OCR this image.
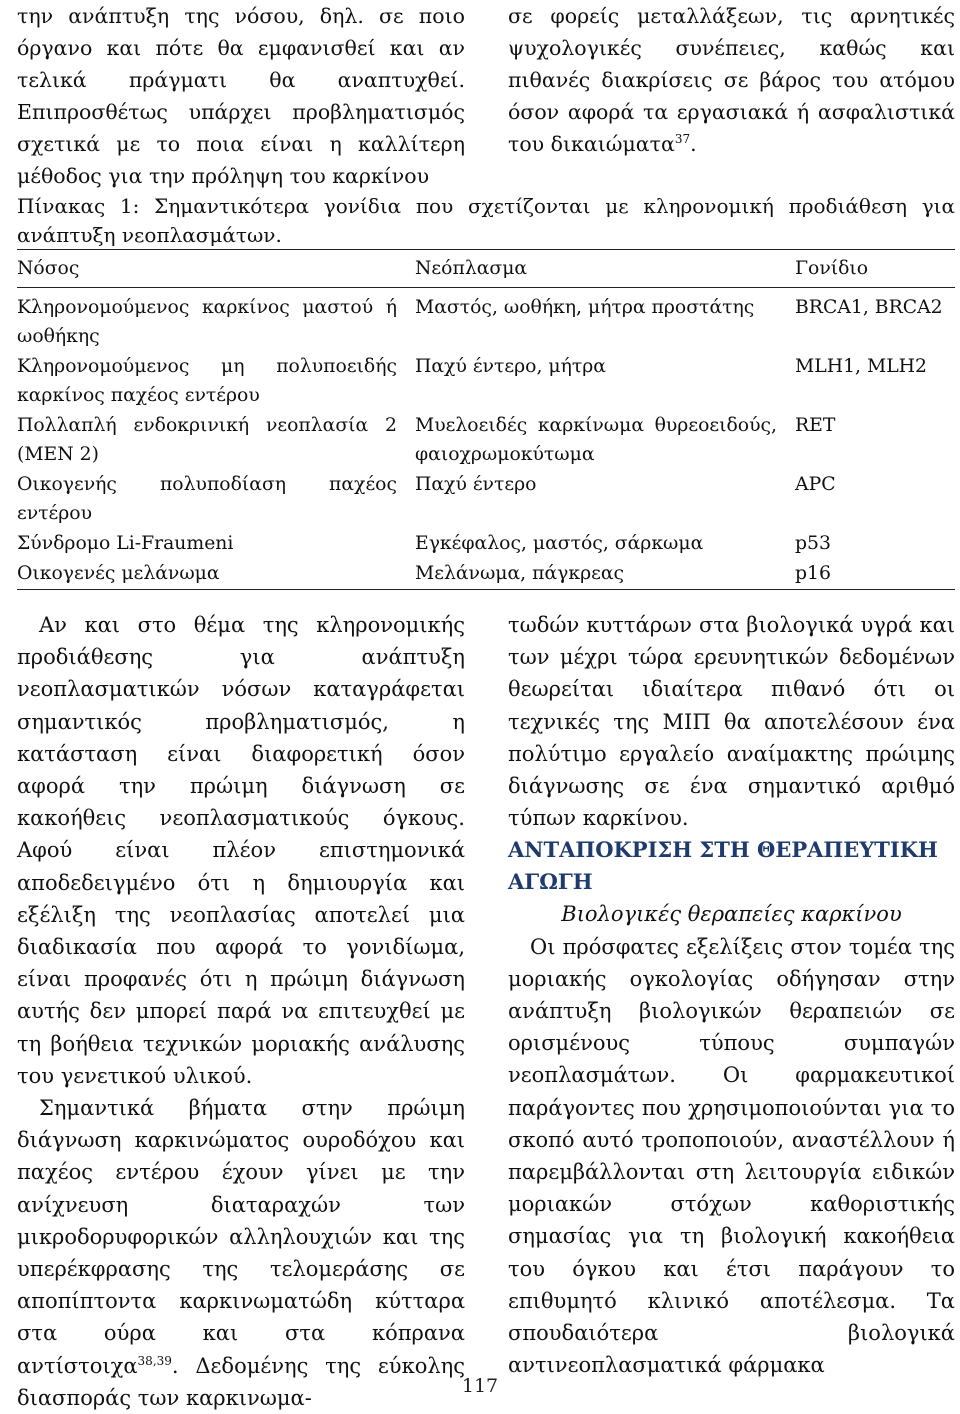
την ανάπτυξη της νόσου, δηλ. σε ποιο όργανο και πότε θα εμφανισθεί και αν τελικά πράγματι θα αναπτυχθεί. Επιπροσθέτως υπάρχει προβληματισμός σχετικά με το ποια είναι η καλλίτερη μέθοδος για την πρόληψη του καρκίνου

σε φορείς μεταλλάξεων, τις αρνητικές ψυχολογικές συνέπειες, καθώς και πιθανές διακρίσεις σε βάρος του ατόμου όσον αφορά τα εργασιακά ή ασφαλιστικά του δικαιώματα$^{37}$.

Πίνακας 1: Σημαντικότερα γονίδια που σχετίζονται με κληρονομική προδιάθεση για ανάπτυξη νεοπλασμάτων.
Νόσος	Νεόπλασμα	Γονίδιο
Κληρονομούμενος καρκίνος μαστού ή ωοθήκης	Μαστός, ωοθήκη, μήτρα προστάτης	BRCA1, BRCA2
Κληρονομούμενος μη πολυποειδής καρκίνος παχέος εντέρου	Παχύ έντερο, μήτρα	MLH1, MLH2
Πολλαπλή ενδοκρινική νεοπλασία 2 (MEN 2)	Μυελοειδές καρκίνωμα θυρεοειδούς, φαιοχρωμοκύτωμα	RET
Οικογενής πολυποδίαση παχέος εντέρου	Παχύ έντερο	APC
Σύνδρομο Li-Fraumeni	Εγκέφαλος, μαστός, σάρκωμα	p53
Οικογενές μελάνωμα	Μελάνωμα, πάγκρεας	p16

Αν και στο θέμα της κληρονομικής προδιάθεσης για ανάπτυξη νεοπλασματικών νόσων καταγράφεται σημαντικός προβληματισμός, η κατάσταση είναι διαφορετική όσον αφορά την πρώιμη διάγνωση σε κακοήθεις νεοπλασματικούς όγκους. Αφού είναι πλέον επιστημονικά αποδεδειγμένο ότι η δημιουργία και εξέλιξη της νεοπλασίας αποτελεί μια διαδικασία που αφορά το γονιδίωμα, είναι προφανές ότι η πρώιμη διάγνωση αυτής δεν μπορεί παρά να επιτευχθεί με τη βοήθεια τεχνικών μοριακής ανάλυσης του γενετικού υλικού.

Σημαντικά βήματα στην πρώιμη διάγνωση καρκινώματος ουροδόχου και παχέος εντέρου έχουν γίνει με την ανίχνευση διαταραχών των μικροδορυφορικών αλληλουχιών και της υπερέκφρασης της τελομεράσης σε αποπίπτοντα καρκινωματώδη κύτταρα στα ούρα και στα κόπρανα αντίστοιχα$^{38,39}$. Δεδομένης της εύκολης διασποράς των καρκινωμα-

τωδών κυττάρων στα βιολογικά υγρά και των μέχρι τώρα ερευνητικών δεδομένων θεωρείται ιδιαίτερα πιθανό ότι οι τεχνικές της ΜΙΠ θα αποτελέσουν ένα πολύτιμο εργαλείο αναίμακτης πρώιμης διάγνωσης σε ένα σημαντικό αριθμό τύπων καρκίνου.

ΑΝΤΑΠΟΚΡΙΣΗ ΣΤΗ ΘΕΡΑΠΕΥΤΙΚΗ ΑΓΩΓΗ

Βιολογικές θεραπείες καρκίνου

Οι πρόσφατες εξελίξεις στον τομέα της μοριακής ογκολογίας οδήγησαν στην ανάπτυξη βιολογικών θεραπειών σε ορισμένους τύπους συμπαγών νεοπλασμάτων. Οι φαρμακευτικοί παράγοντες που χρησιμοποιούνται για το σκοπό αυτό τροποποιούν, αναστέλλουν ή παρεμβάλλονται στη λειτουργία ειδικών μοριακών στόχων καθοριστικής σημασίας για τη βιολογική κακοήθεια του όγκου και έτσι παράγουν το επιθυμητό κλινικό αποτέλεσμα. Τα σπουδαιότερα βιολογικά αντινεοπλασματικά φάρμακα

117
